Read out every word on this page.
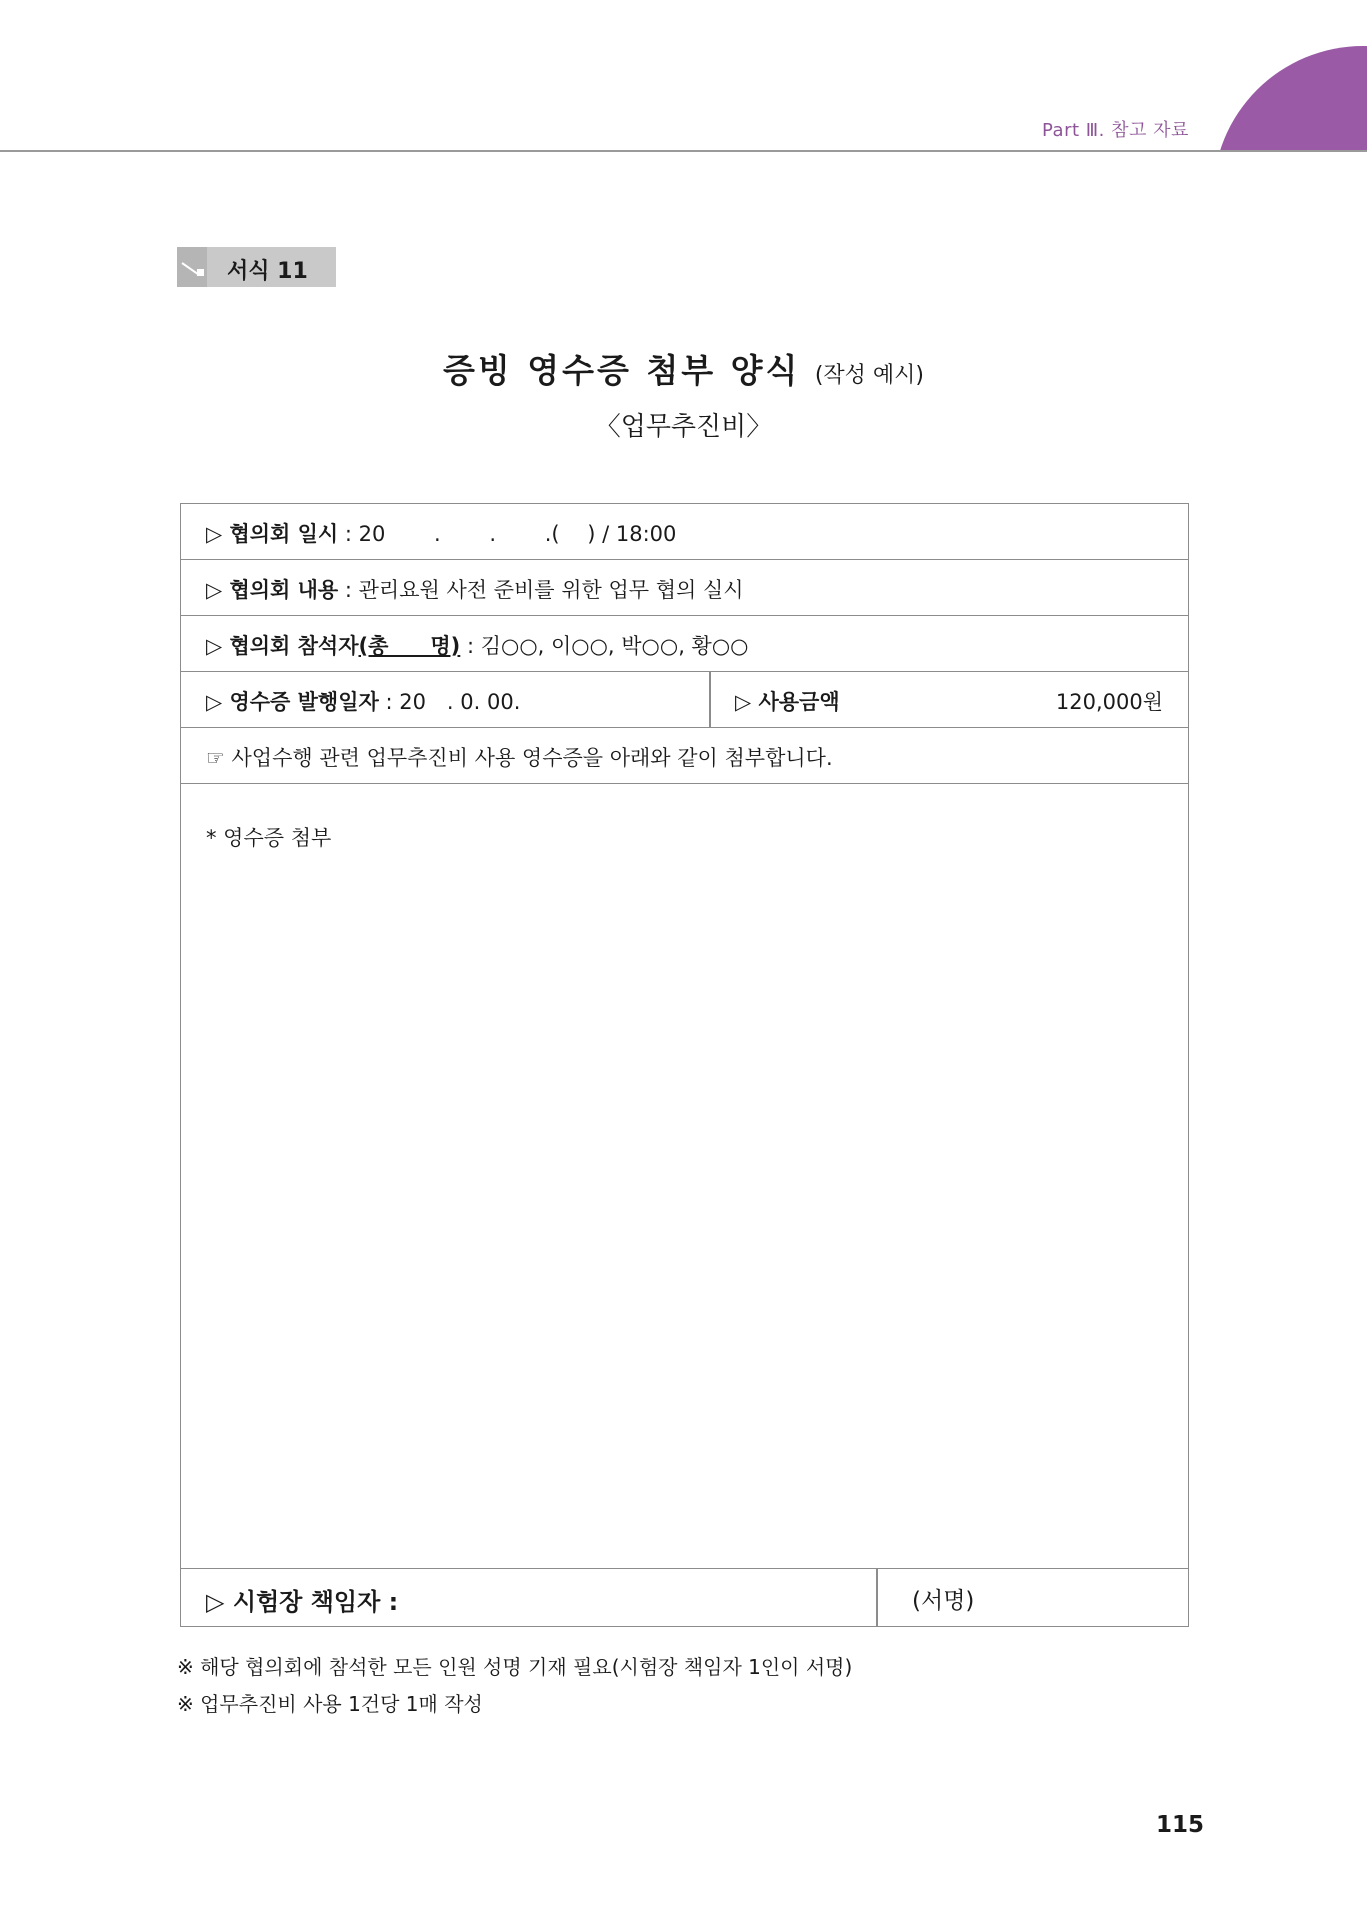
Part Ⅲ. 참고 자료
서식 11
증빙 영수증 첨부 양식 (작성 예시)
〈업무추진비〉
▷ 협의회 일시 : 20　　 .　　 .　　 .(　 ) / 18:00
▷ 협의회 내용 : 관리요원 사전 준비를 위한 업무 협의 실시
▷ 협의회 참석자(총　　명) : 김○○, 이○○, 박○○, 황○○
▷ 영수증 발행일자 : 20　. 0. 00.	▷ 사용금액	120,000원
☞ 사업수행 관련 업무추진비 사용 영수증을 아래와 같이 첨부합니다.
* 영수증 첨부
▷ 시험장 책임자 :	(서명)
※ 해당 협의회에 참석한 모든 인원 성명 기재 필요(시험장 책임자 1인이 서명)
※ 업무추진비 사용 1건당 1매 작성
115
